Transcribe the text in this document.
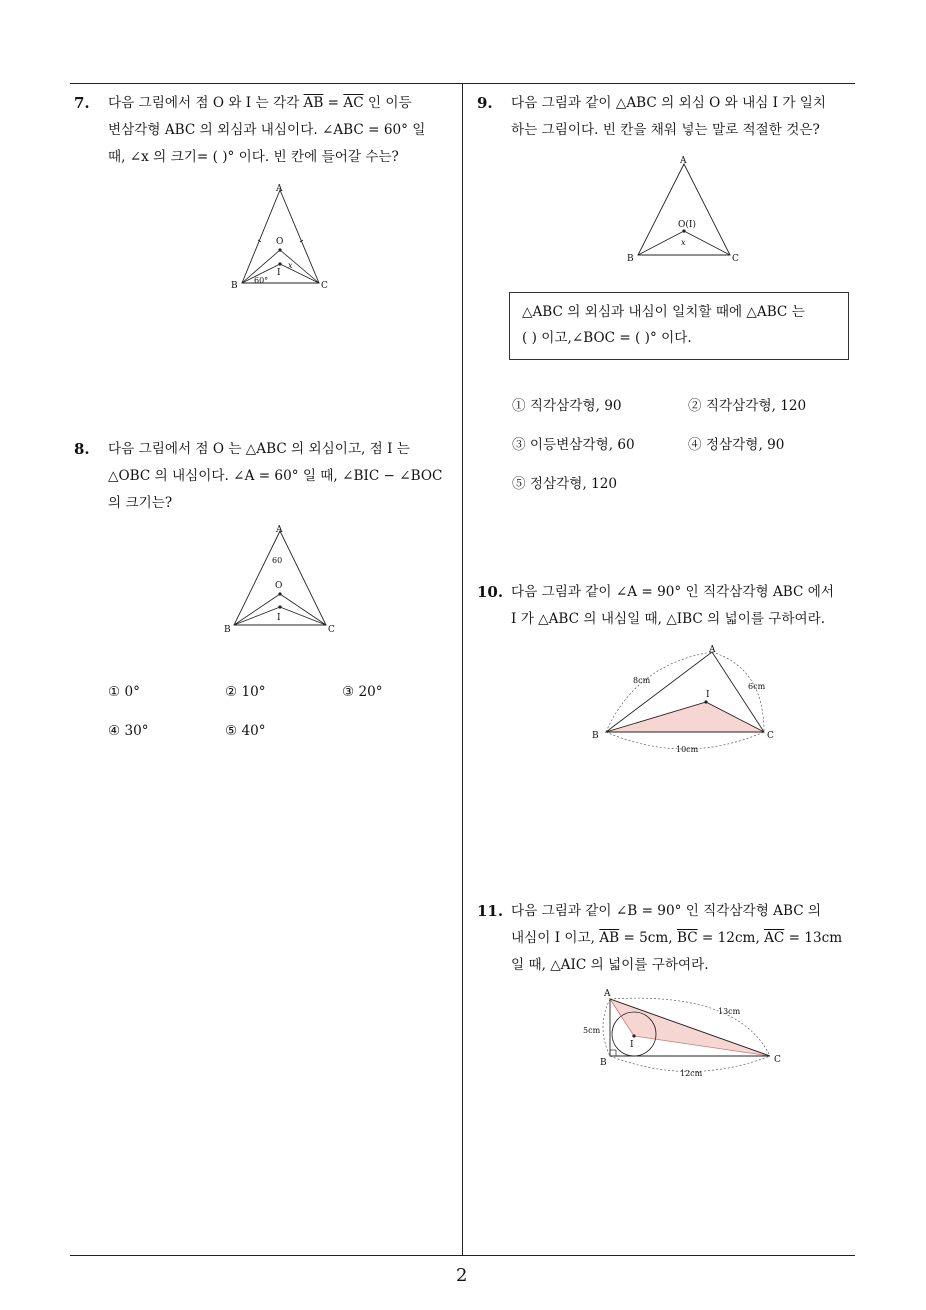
7. 다음 그림에서 점 O 와 I 는 각각 $\overline{AB} = \overline{AC}$ 인 이등
변삼각형 ABC 의 외심과 내심이다. ∠ABC = 60° 일
때, ∠x 의 크기= ( )° 이다. 빈 칸에 들어갈 수는?
A
B	C
O
I
60°
x
8. 다음 그림에서 점 O 는 △ABC 의 외심이고, 점 I 는
△OBC 의 내심이다. ∠A = 60° 일 때, ∠BIC − ∠BOC
의 크기는?
A
B	C
O
I
60
① 0°	② 10°	③ 20°
④ 30°	⑤ 40°
9. 다음 그림과 같이 △ABC 의 외심 O 와 내심 I 가 일치
하는 그림이다. 빈 칸을 채워 넣는 말로 적절한 것은?
A
B	C
O(I)
x
△ABC 의 외심과 내심이 일치할 때에 △ABC 는
( ) 이고,∠BOC = ( )° 이다.
① 직각삼각형, 90	② 직각삼각형, 120
③ 이등변삼각형, 60	④ 정삼각형, 90
⑤ 정삼각형, 120
10. 다음 그림과 같이 ∠A = 90° 인 직각삼각형 ABC 에서
I 가 △ABC 의 내심일 때, △IBC 의 넓이를 구하여라.
A
B	C
I
8cm
6cm
10cm
11. 다음 그림과 같이 ∠B = 90° 인 직각삼각형 ABC 의
내심이 I 이고, $\overline{AB} = 5cm$, $\overline{BC} = 12cm$, $\overline{AC} = 13cm$
일 때, △AIC 의 넓이를 구하여라.
A
B	C
I
5cm
13cm
12cm
2
